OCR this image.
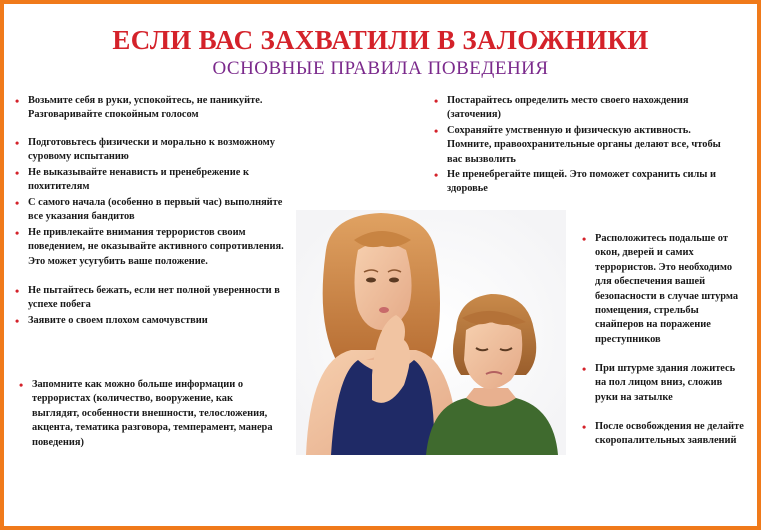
ЕСЛИ ВАС ЗАХВАТИЛИ В ЗАЛОЖНИКИ
ОСНОВНЫЕ ПРАВИЛА ПОВЕДЕНИЯ
• Возьмите себя в руки, успокойтесь, не паникуйте. Разговаривайте спокойным голосом
• Подготовьтесь физически и морально к возможному суровому испытанию
• Не выказывайте ненависть и пренебрежение к похитителям
• С самого начала (особенно в первый час) выполняйте все указания бандитов
• Не привлекайте внимания террористов своим поведением, не оказывайте активного сопротивления. Это может усугубить ваше положение.
• Не пытайтесь бежать, если нет полной уверенности в успехе побега
• Заявите о своем плохом самочувствии
• Запомните как можно больше информации о террористах (количество, вооружение, как выглядят, особенности внешности, телосложения, акцента, тематика разговора, темперамент, манера поведения)
• Постарайтесь определить место своего нахождения (заточения)
• Сохраняйте умственную и физическую активность. Помните, правоохранительные органы делают все, чтобы вас вызволить
• Не пренебрегайте пищей. Это поможет сохранить силы и здоровье
• Расположитесь подальше от окон, дверей и самих террористов. Это необходимо для обеспечения вашей безопасности в случае штурма помещения, стрельбы снайперов на поражение преступников
• При штурме здания ложитесь на пол лицом вниз, сложив руки на затылке
• После освобождения не делайте скоропалительных заявлений
